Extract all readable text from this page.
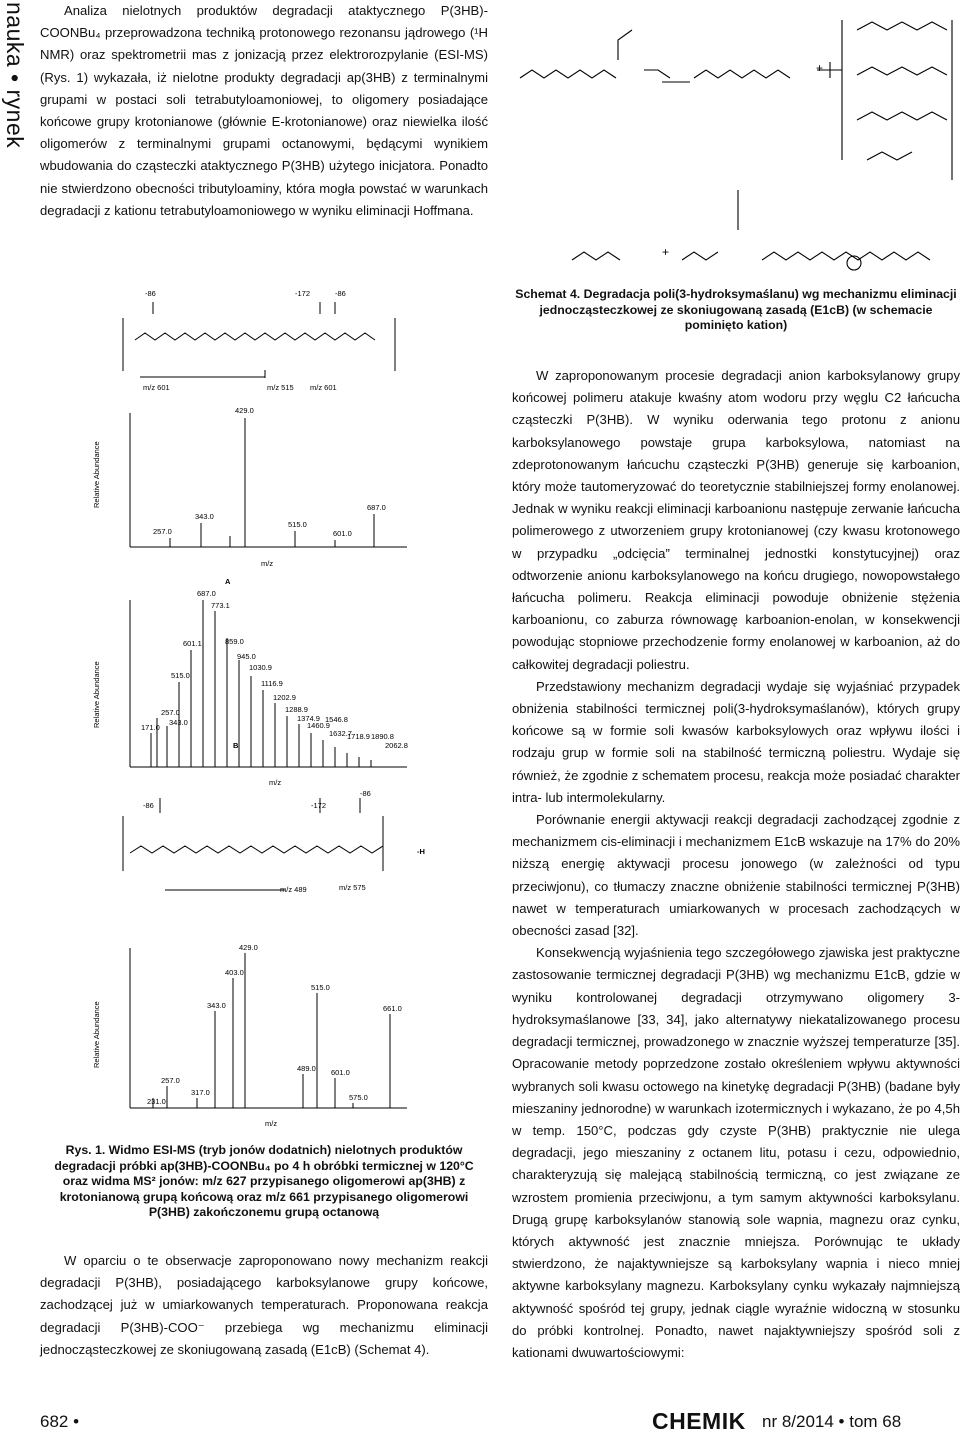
nauka • rynek	Analiza nielotnych produktów degradacji ataktycznego P(3HB)-COONBu₄ przeprowadzona techniką protonowego rezonansu jądrowego (¹H NMR) oraz spektrometrii mas z jonizacją przez elektrorozpylanie (ESI-MS) (Rys. 1) wykazała, iż nielotne produkty degradacji ap(3HB) z terminalnymi grupami w postaci soli tetrabutyloamoniowej, to oligomery posiadające końcowe grupy krotonianowe (głównie E-krotonianowe) oraz niewielka ilość oligomerów z terminalnymi grupami octanowymi, będącymi wynikiem wbudowania do cząsteczki ataktycznego P(3HB) użytego inicjatora. Ponadto nie stwierdzono obecności tributyloaminy, która mogła powstać w warunkach degradacji z kationu tetrabutyloamoniowego w wyniku eliminacji Hoffmana.

-86	-172	-86
m/z 601	m/z 515 m/z 601
Relative Abundance
m/z
257.0
343.0
429.0
515.0
601.0
687.0
A
B
Relative Abundance
m/z
687.0
773.1
601.1	859.0
945.0
1030.9
515.0
1116.9
1202.9
1288.9
257.0
1374.9
171.0
343.0	1460.9
1546.8
1632.7
1718.9 1890.8
2062.8
-86	-172
-86
m/z 489	m/z 575
-H
Relative Abundance
m/z
429.0
403.0
515.0
343.0	661.0
257.0
317.0
231.0
489.0 601.0
575.0
Rys. 1. Widmo ESI-MS (tryb jonów dodatnich) nielotnych produktów degradacji próbki ap(3HB)-COONBu₄ po 4 h obróbki termicznej w 120°C oraz widma MS² jonów: m/z 627 przypisanego oligomerowi ap(3HB) z krotonianową grupą końcową oraz m/z 661 przypisanego oligomerowi P(3HB) zakończonemu grupą octanową

W oparciu o te obserwacje zaproponowano nowy mechanizm reakcji degradacji P(3HB), posiadającego karboksylanowe grupy końcowe, zachodzącej już w umiarkowanych temperaturach. Proponowana reakcja degradacji P(3HB)-COO⁻ przebiega wg mechanizmu eliminacji jednocząsteczkowej ze skoniugowaną zasadą (E1cB) (Schemat 4).

+
+
Schemat 4. Degradacja poli(3-hydroksymaślanu) wg mechanizmu eliminacji jednocząsteczkowej ze skoniugowaną zasadą (E1cB) (w schemacie pominięto kation)

W zaproponowanym procesie degradacji anion karboksylanowy grupy końcowej polimeru atakuje kwaśny atom wodoru przy węglu C2 łańcucha cząsteczki P(3HB). W wyniku oderwania tego protonu z anionu karboksylanowego powstaje grupa karboksylowa, natomiast na zdeprotonowanym łańcuchu cząsteczki P(3HB) generuje się karboanion, który może tautomeryzować do teoretycznie stabilniejszej formy enolanowej. Jednak w wyniku reakcji eliminacji karboanionu następuje zerwanie łańcucha polimerowego z utworzeniem grupy krotonianowej (czy kwasu krotonowego w przypadku „odcięcia” terminalnej jednostki konstytucyjnej) oraz odtworzenie anionu karboksylanowego na końcu drugiego, nowopowstałego łańcucha polimeru. Reakcja eliminacji powoduje obniżenie stężenia karboanionu, co zaburza równowagę karboanion-enolan, w konsekwencji powodując stopniowe przechodzenie formy enolanowej w karboanion, aż do całkowitej degradacji poliestru.

Przedstawiony mechanizm degradacji wydaje się wyjaśniać przypadek obniżenia stabilności termicznej poli(3-hydroksymaślanów), których grupy końcowe są w formie soli kwasów karboksylowych oraz wpływu ilości i rodzaju grup w formie soli na stabilność termiczną poliestru. Wydaje się również, że zgodnie z schematem procesu, reakcja może posiadać charakter intra- lub intermolekularny.

Porównanie energii aktywacji reakcji degradacji zachodzącej zgodnie z mechanizmem cis-eliminacji i mechanizmem E1cB wskazuje na 17% do 20% niższą energię aktywacji procesu jonowego (w zależności od typu przeciwjonu), co tłumaczy znaczne obniżenie stabilności termicznej P(3HB) nawet w temperaturach umiarkowanych w procesach zachodzących w obecności zasad [32].

Konsekwencją wyjaśnienia tego szczegółowego zjawiska jest praktyczne zastosowanie termicznej degradacji P(3HB) wg mechanizmu E1cB, gdzie w wyniku kontrolowanej degradacji otrzymywano oligomery 3-hydroksymaślanowe [33, 34], jako alternatywy niekatalizowanego procesu degradacji termicznej, prowadzonego w znacznie wyższej temperaturze [35]. Opracowanie metody poprzedzone zostało określeniem wpływu aktywności wybranych soli kwasu octowego na kinetykę degradacji P(3HB) (badane były mieszaniny jednorodne) w warunkach izotermicznych i wykazano, że po 4,5h w temp. 150°C, podczas gdy czyste P(3HB) praktycznie nie ulega degradacji, jego mieszaniny z octanem litu, potasu i cezu, odpowiednio, charakteryzują się malejącą stabilnością termiczną, co jest związane ze wzrostem promienia przeciwjonu, a tym samym aktywności karboksylanu. Drugą grupę karboksylanów stanowią sole wapnia, magnezu oraz cynku, których aktywność jest znacznie mniejsza. Porównując te układy stwierdzono, że najaktywniejsze są karboksylany wapnia i nieco mniej aktywne karboksylany magnezu. Karboksylany cynku wykazały najmniejszą aktywność spośród tej grupy, jednak ciągle wyraźnie widoczną w stosunku do próbki kontrolnej. Ponadto, nawet najaktywniejszy spośród soli z kationami dwuwartościowymi:

682 •	CHEMIK nr 8/2014 • tom 68
